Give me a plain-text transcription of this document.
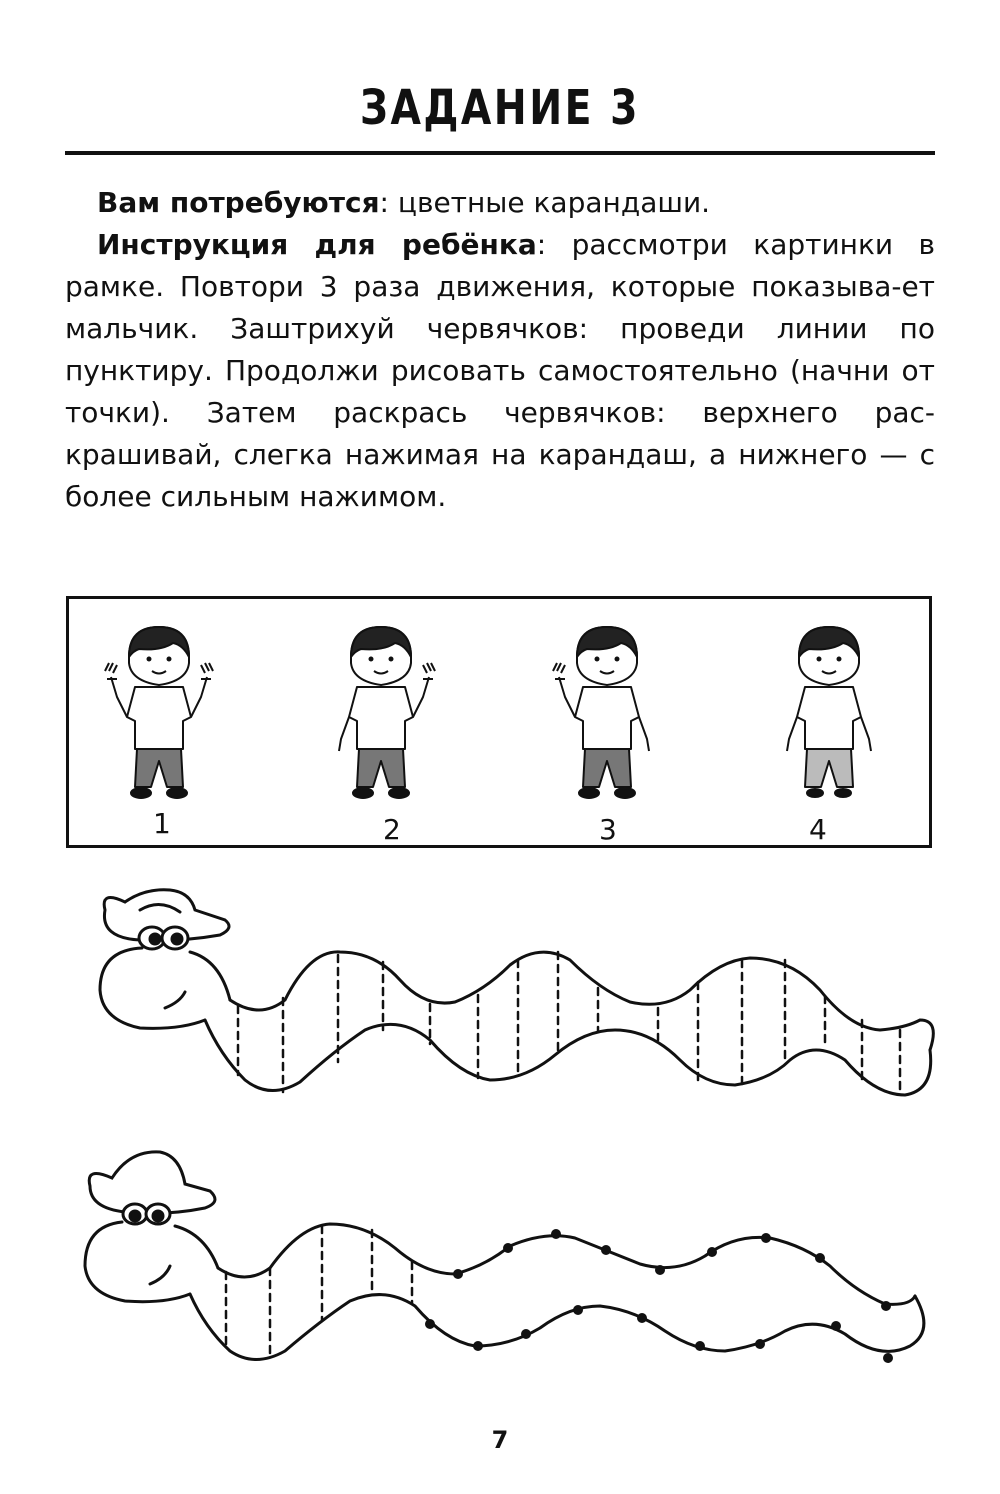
ЗАДАНИЕ 3
Вам потребуются: цветные карандаши.
Инструкция для ребёнка: рассмотри картинки в рамке. Повтори 3 раза движения, которые показыва-ет мальчик. Заштрихуй червячков: проведи линии по пунктиру. Продолжи рисовать самостоятельно (начни от точки). Затем раскрась червячков: верхнего рас-крашивай, слегка нажимая на карандаш, а нижнего — с более сильным нажимом.
1	2	3	4
7
